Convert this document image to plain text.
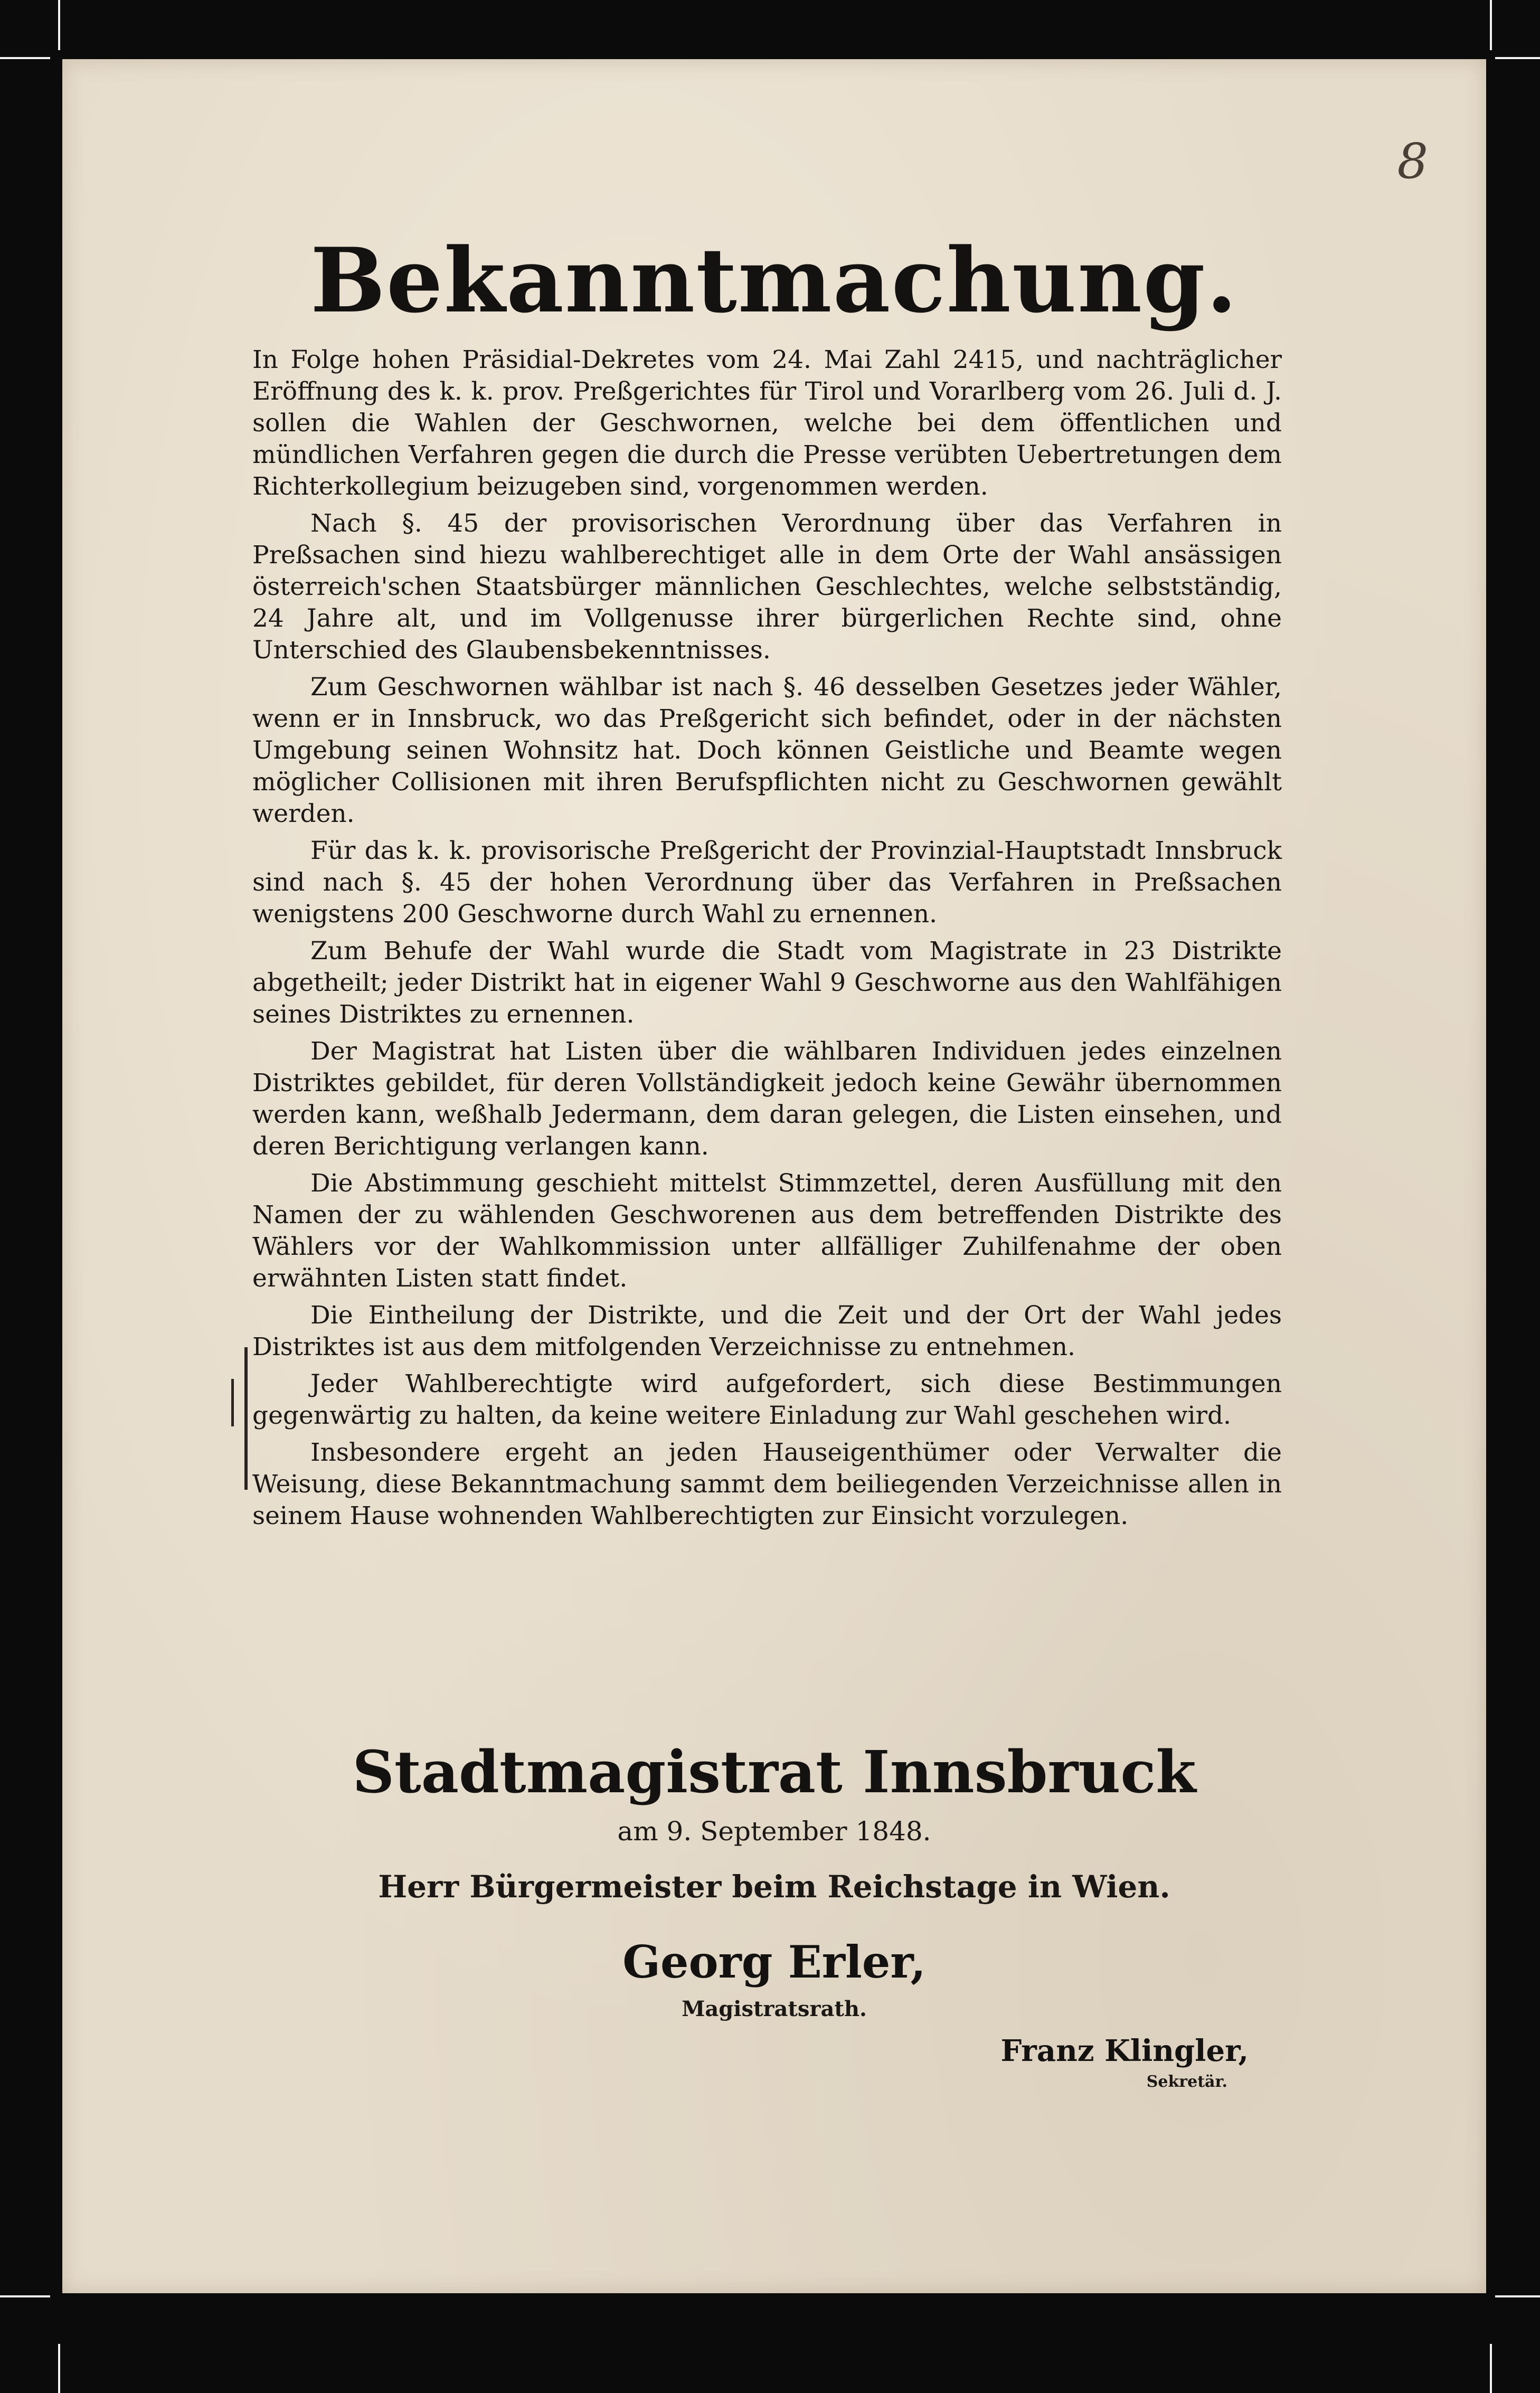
8
Bekanntmachung.

In Folge hohen Präsidial-Dekretes vom 24. Mai Zahl 2415, und nachträglicher Eröffnung des k. k. prov. Preßgerichtes für Tirol und Vorarlberg vom 26. Juli d. J. sollen die Wahlen der Geschwornen, welche bei dem öffentlichen und mündlichen Verfahren gegen die durch die Presse verübten Uebertretungen dem Richterkollegium beizugeben sind, vorgenommen werden.

Nach §. 45 der provisorischen Verordnung über das Verfahren in Preßsachen sind hiezu wahlberechtiget alle in dem Orte der Wahl ansässigen österreich'schen Staatsbürger männlichen Geschlechtes, welche selbstständig, 24 Jahre alt, und im Vollgenusse ihrer bürgerlichen Rechte sind, ohne Unterschied des Glaubensbekenntnisses.

Zum Geschwornen wählbar ist nach §. 46 desselben Gesetzes jeder Wähler, wenn er in Innsbruck, wo das Preßgericht sich befindet, oder in der nächsten Umgebung seinen Wohnsitz hat. Doch können Geistliche und Beamte wegen möglicher Collisionen mit ihren Berufspflichten nicht zu Geschwornen gewählt werden.

Für das k. k. provisorische Preßgericht der Provinzial-Hauptstadt Innsbruck sind nach §. 45 der hohen Verordnung über das Verfahren in Preßsachen wenigstens 200 Geschworne durch Wahl zu ernennen.

Zum Behufe der Wahl wurde die Stadt vom Magistrate in 23 Distrikte abgetheilt; jeder Distrikt hat in eigener Wahl 9 Geschworne aus den Wahlfähigen seines Distriktes zu ernennen.

Der Magistrat hat Listen über die wählbaren Individuen jedes einzelnen Distriktes gebildet, für deren Vollständigkeit jedoch keine Gewähr übernommen werden kann, weßhalb Jedermann, dem daran gelegen, die Listen einsehen, und deren Berichtigung verlangen kann.

Die Abstimmung geschieht mittelst Stimmzettel, deren Ausfüllung mit den Namen der zu wählenden Geschworenen aus dem betreffenden Distrikte des Wählers vor der Wahlkommission unter allfälliger Zuhilfenahme der oben erwähnten Listen statt findet.

Die Eintheilung der Distrikte, und die Zeit und der Ort der Wahl jedes Distriktes ist aus dem mitfolgenden Verzeichnisse zu entnehmen.

Jeder Wahlberechtigte wird aufgefordert, sich diese Bestimmungen gegenwärtig zu halten, da keine weitere Einladung zur Wahl geschehen wird.

Insbesondere ergeht an jeden Hauseigenthümer oder Verwalter die Weisung, diese Bekanntmachung sammt dem beiliegenden Verzeichnisse allen in seinem Hause wohnenden Wahlberechtigten zur Einsicht vorzulegen.

Stadtmagistrat Innsbruck
am 9. September 1848.
Herr Bürgermeister beim Reichstage in Wien.
Georg Erler,
Magistratsrath.
Franz Klingler,
Sekretär.
